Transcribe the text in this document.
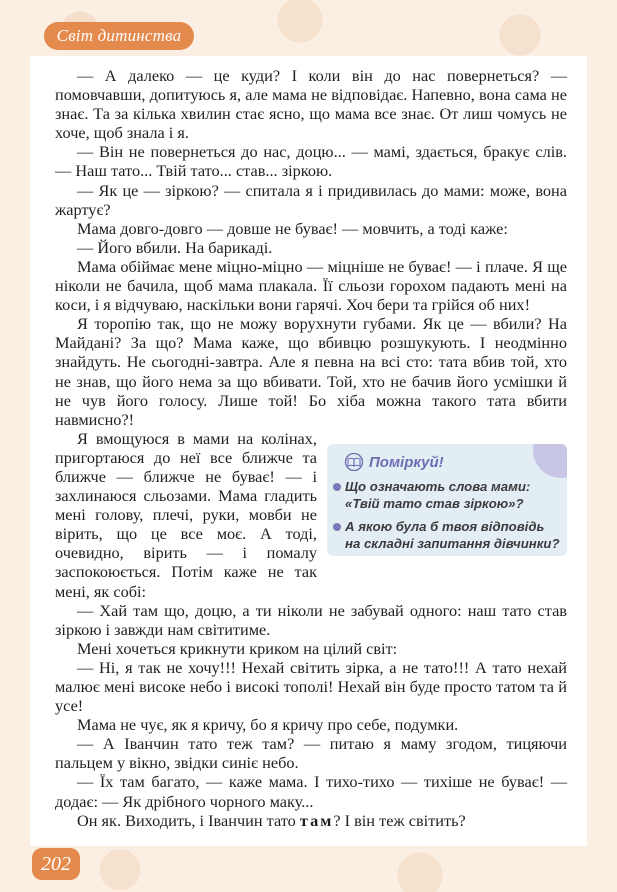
Світ дитинства

— А далеко — це куди? І коли він до нас повернеться? — помовчавши, допитуюсь я, але мама не відповідає. Напевно, вона сама не знає. Та за кілька хвилин стає ясно, що мама все знає. От лиш чомусь не хоче, щоб знала і я.

— Він не повернеться до нас, доцю... — мамі, здається, бракує слів. — Наш тато... Твій тато... став... зіркою.

— Як це — зіркою? — спитала я і придивилась до мами: може, вона жартує?

Мама довго-довго — довше не буває! — мовчить, а тоді каже:

— Його вбили. На барикаді.

Мама обіймає мене міцно-міцно — міцніше не буває! — і плаче. Я ще ніколи не бачила, щоб мама плакала. Її сльози горохом падають мені на коси, і я відчуваю, наскільки вони гарячі. Хоч бери та грійся об них!

Я торопію так, що не можу ворухнути губами. Як це — вбили? На Майдані? За що? Мама каже, що вбивцю розшукують. І неодмінно знайдуть. Не сьогодні-завтра. Але я певна на всі сто: тата вбив той, хто не знав, що його нема за що вбивати. Той, хто не бачив його усмішки й не чув його голосу. Лише той! Бо хіба можна такого тата вбити навмисно?!

Я вмощуюся в мами на колінах, пригортаюся до неї все ближче та ближче — ближче не буває! — і захлинаюся сльозами. Мама гладить мені голову, плечі, руки, мовби не вірить, що це все моє. А тоді, очевидно, вірить — і помалу заспокоюється. Потім каже не так мені, як собі:

— Хай там що, доцю, а ти ніколи не забувай одного: наш тато став зіркою і завжди нам світитиме.

Мені хочеться крикнути криком на цілий світ:

— Ні, я так не хочу!!! Нехай світить зірка, а не тато!!! А тато нехай малює мені високе небо і високі тополі! Нехай він буде просто татом та й усе!

Мама не чує, як я кричу, бо я кричу про себе, подумки.

— А Іванчин тато теж там? — питаю я маму згодом, тицяючи пальцем у вікно, звідки синіє небо.

— Їх там багато, — каже мама. І тихо-тихо — тихіше не буває! — додає: — Як дрібного чорного маку...

Он як. Виходить, і Іванчин тато там? І він теж світить?

Поміркуй!
Що означають слова мами: «Твій тато став зіркою»?
А якою була б твоя відповідь на складні запитання дівчинки?
202
